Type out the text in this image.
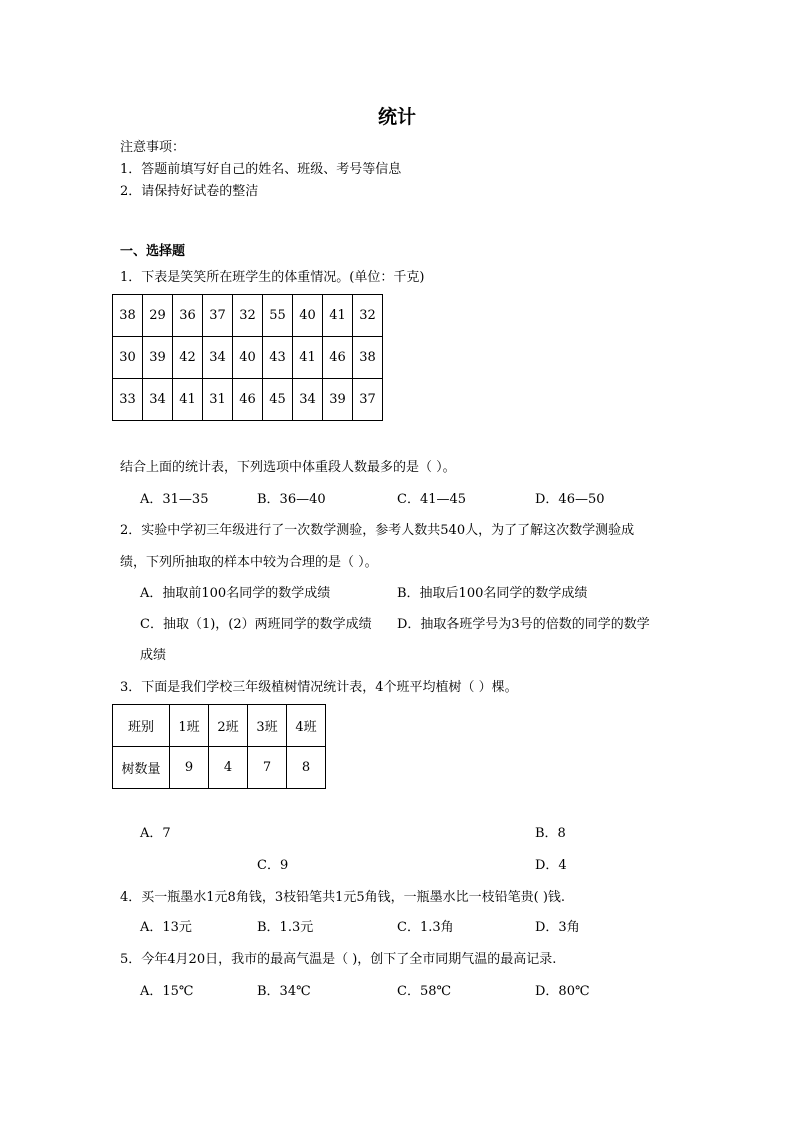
统计
注意事项：
1．答题前填写好自己的姓名、班级、考号等信息
2．请保持好试卷的整洁
一、选择题
1．下表是笑笑所在班学生的体重情况。(单位：千克)
38	29	36	37	32	55	40	41	32
30	39	42	34	40	43	41	46	38
33	34	41	31	46	45	34	39	37
结合上面的统计表，下列选项中体重段人数最多的是（ ）。
A．31—35	B．36—40	C．41—45	D．46—50
2．实验中学初三年级进行了一次数学测验，参考人数共540人，为了了解这次数学测验成
绩，下列所抽取的样本中较为合理的是（ ）。
A．抽取前100名同学的数学成绩	B．抽取后100名同学的数学成绩
C．抽取（1)，(2）两班同学的数学成绩 D．抽取各班学号为3号的倍数的同学的数学
成绩
3．下面是我们学校三年级植树情况统计表，4个班平均植树（ ）棵。
班别	1班	2班	3班	4班
树数量	9	4	7	8
A．7	B．8
C．9	D．4
4．买一瓶墨水1元8角钱，3枝铅笔共1元5角钱，一瓶墨水比一枝铅笔贵( )钱.
A．13元	B．1.3元	C．1.3角	D．3角
5．今年4月20日，我市的最高气温是（ )，创下了全市同期气温的最高记录.
A．15℃	B．34℃	C．58℃	D．80℃
